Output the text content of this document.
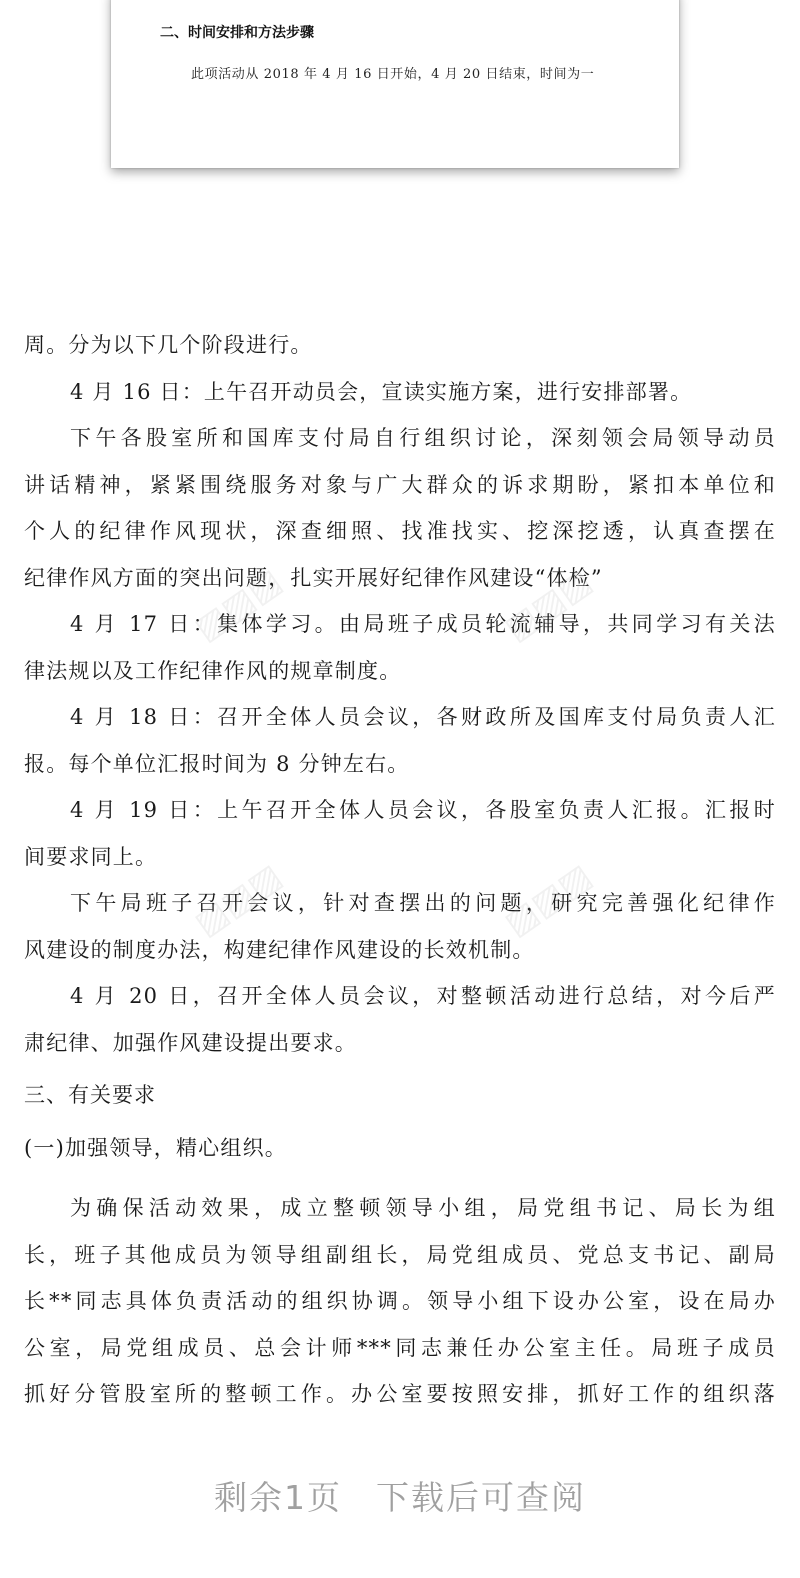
二、时间安排和方法步骤
此项活动从 2018 年 4 月 16 日开始，4 月 20 日结束，时间为一
周。分为以下几个阶段进行。
4 月 16 日：上午召开动员会，宣读实施方案，进行安排部署。
下午各股室所和国库支付局自行组织讨论，深刻领会局领导动员
讲话精神，紧紧围绕服务对象与广大群众的诉求期盼，紧扣本单位和
个人的纪律作风现状，深查细照、找准找实、挖深挖透，认真查摆在
纪律作风方面的突出问题，扎实开展好纪律作风建设“体检”
4 月 17 日：集体学习。由局班子成员轮流辅导，共同学习有关法
律法规以及工作纪律作风的规章制度。
4 月 18 日：召开全体人员会议，各财政所及国库支付局负责人汇
报。每个单位汇报时间为 8 分钟左右。
4 月 19 日：上午召开全体人员会议，各股室负责人汇报。汇报时
间要求同上。
下午局班子召开会议，针对查摆出的问题，研究完善强化纪律作
风建设的制度办法，构建纪律作风建设的长效机制。
4 月 20 日，召开全体人员会议，对整顿活动进行总结，对今后严
肃纪律、加强作风建设提出要求。
三、有关要求
(一)加强领导，精心组织。
为确保活动效果，成立整顿领导小组，局党组书记、局长为组
长，班子其他成员为领导组副组长，局党组成员、党总支书记、副局
长**同志具体负责活动的组织协调。领导小组下设办公室，设在局办
公室，局党组成员、总会计师***同志兼任办公室主任。局班子成员
抓好分管股室所的整顿工作。办公室要按照安排，抓好工作的组织落
▨▨▨	▨▨▨
▨▨▨	▨▨▨
剩余1页 下载后可查阅
